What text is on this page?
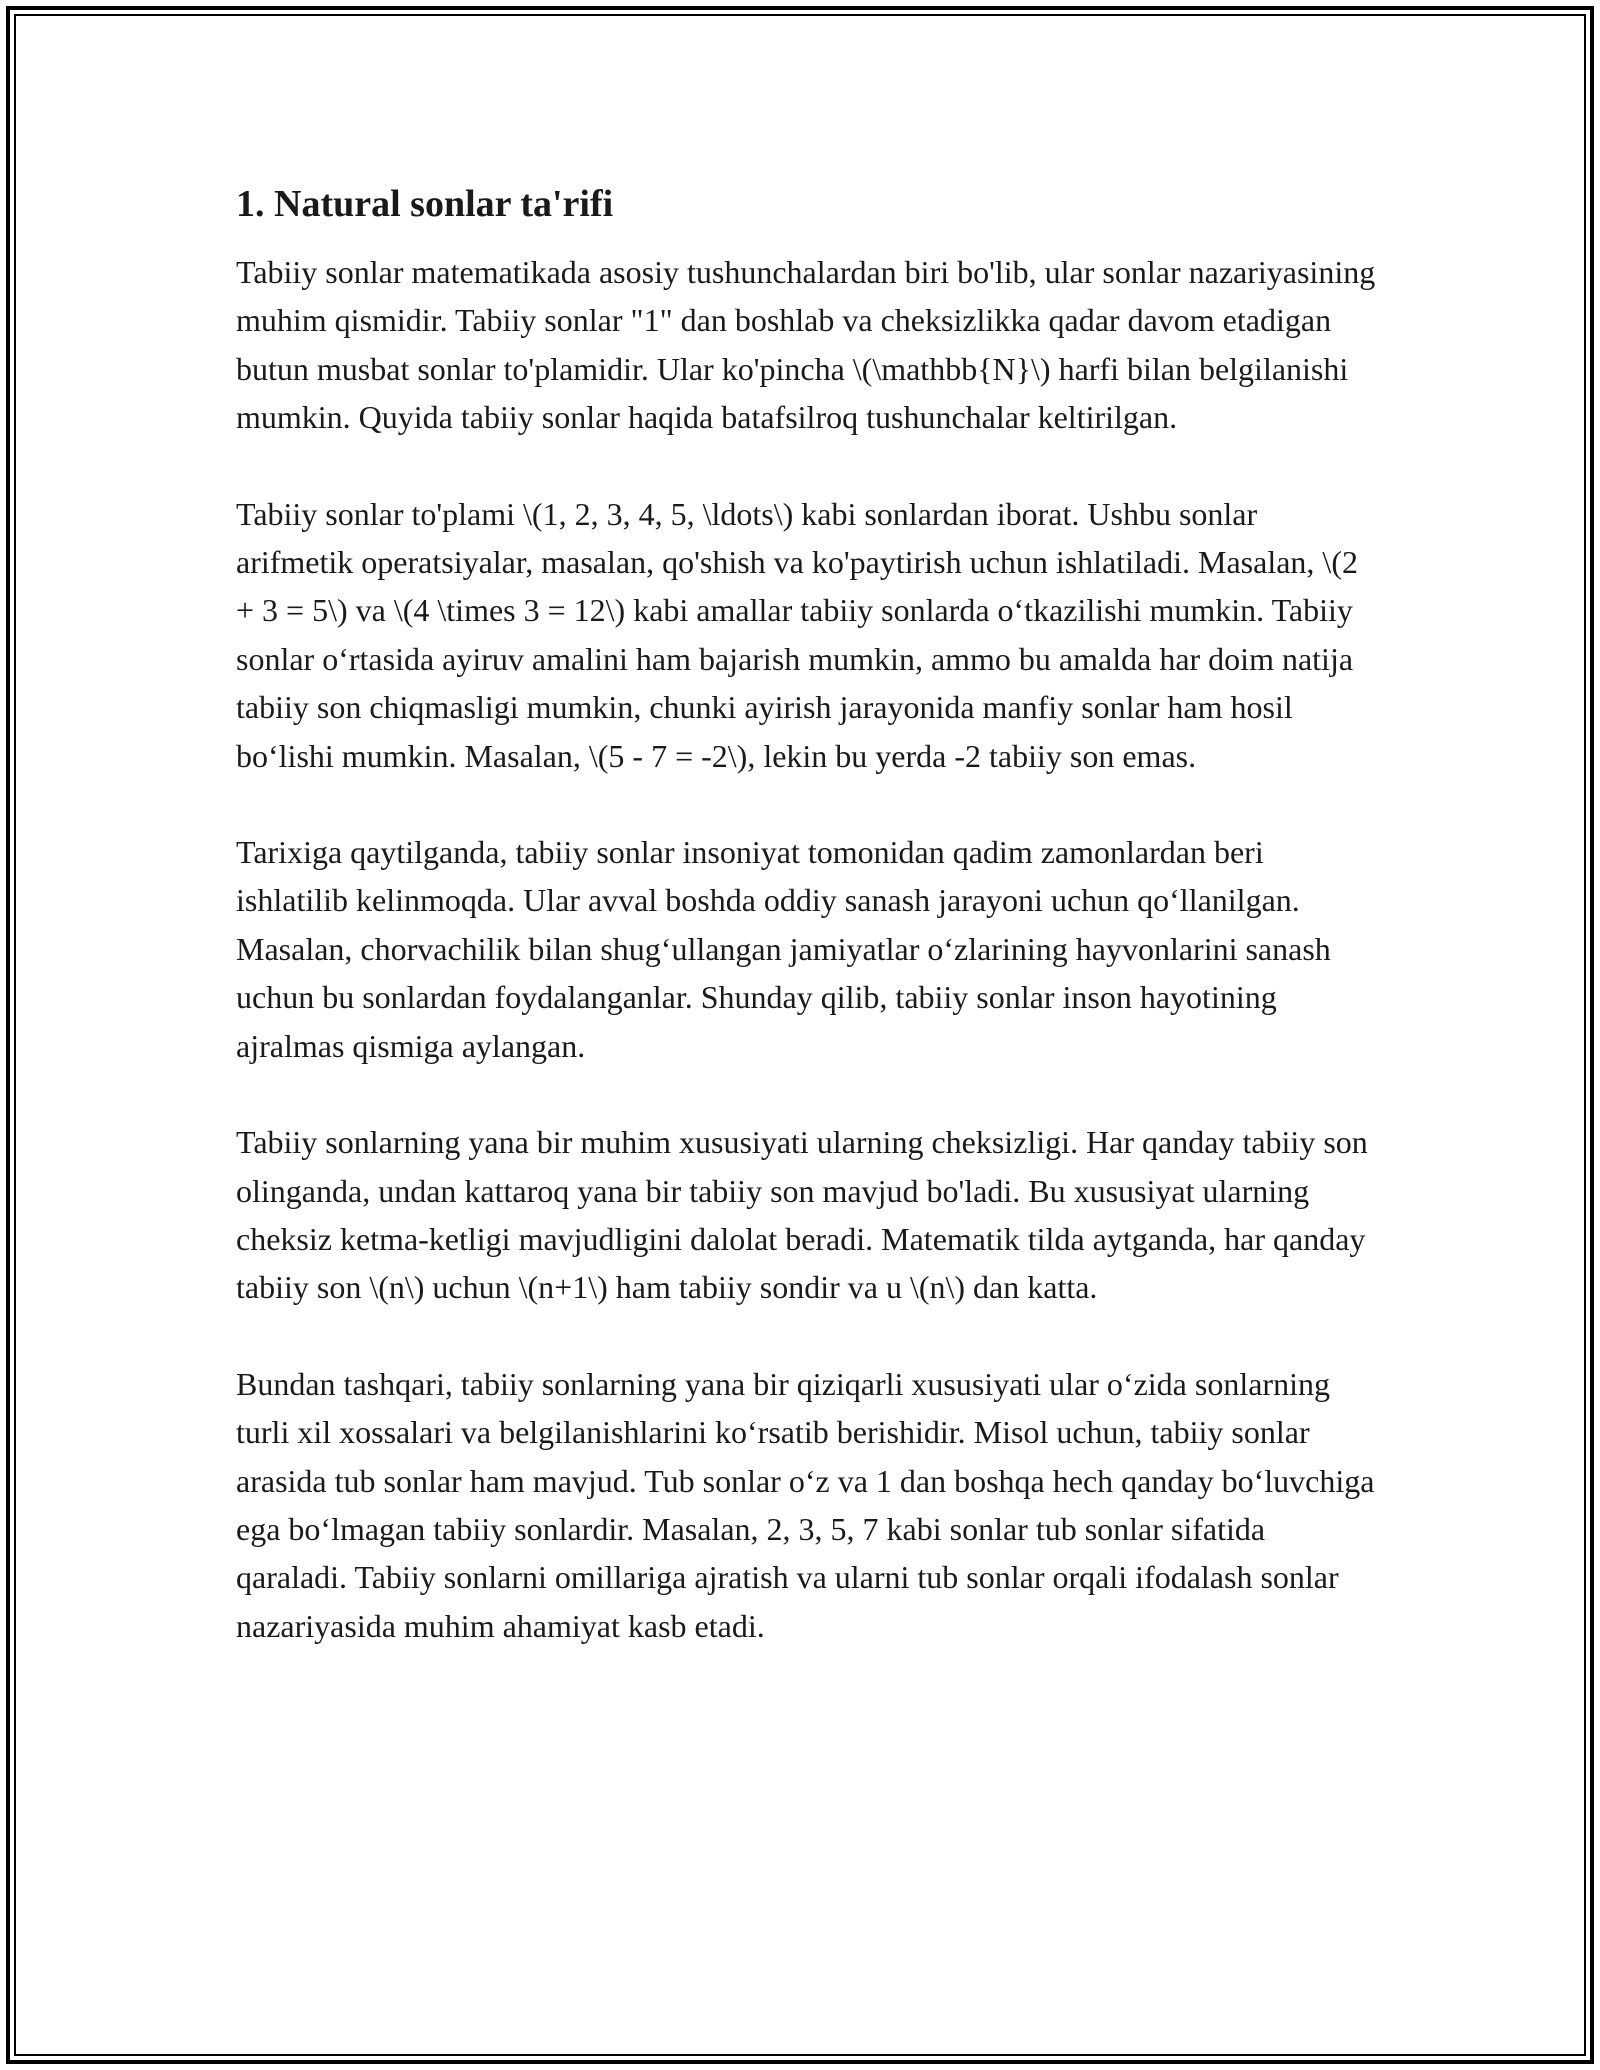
1. Natural sonlar ta'rifi

Tabiiy sonlar matematikada asosiy tushunchalardan biri bo'lib, ular sonlar nazariyasining muhim qismidir. Tabiiy sonlar "1" dan boshlab va cheksizlikka qadar davom etadigan butun musbat sonlar to'plamidir. Ular ko'pincha \(\mathbb{N}\) harfi bilan belgilanishi mumkin. Quyida tabiiy sonlar haqida batafsilroq tushunchalar keltirilgan.

Tabiiy sonlar to'plami \(1, 2, 3, 4, 5, \ldots\) kabi sonlardan iborat. Ushbu sonlar arifmetik operatsiyalar, masalan, qo'shish va ko'paytirish uchun ishlatiladi. Masalan, \(2 + 3 = 5\) va \(4 \times 3 = 12\) kabi amallar tabiiy sonlarda o‘tkazilishi mumkin. Tabiiy sonlar o‘rtasida ayiruv amalini ham bajarish mumkin, ammo bu amalda har doim natija tabiiy son chiqmasligi mumkin, chunki ayirish jarayonida manfiy sonlar ham hosil bo‘lishi mumkin. Masalan, \(5 - 7 = -2\), lekin bu yerda -2 tabiiy son emas.

Tarixiga qaytilganda, tabiiy sonlar insoniyat tomonidan qadim zamonlardan beri ishlatilib kelinmoqda. Ular avval boshda oddiy sanash jarayoni uchun qo‘llanilgan. Masalan, chorvachilik bilan shug‘ullangan jamiyatlar o‘zlarining hayvonlarini sanash uchun bu sonlardan foydalanganlar. Shunday qilib, tabiiy sonlar inson hayotining ajralmas qismiga aylangan.

Tabiiy sonlarning yana bir muhim xususiyati ularning cheksizligi. Har qanday tabiiy son olinganda, undan kattaroq yana bir tabiiy son mavjud bo'ladi. Bu xususiyat ularning cheksiz ketma-ketligi mavjudligini dalolat beradi. Matematik tilda aytganda, har qanday tabiiy son \(n\) uchun \(n+1\) ham tabiiy sondir va u \(n\) dan katta.

Bundan tashqari, tabiiy sonlarning yana bir qiziqarli xususiyati ular o‘zida sonlarning turli xil xossalari va belgilanishlarini ko‘rsatib berishidir. Misol uchun, tabiiy sonlar arasida tub sonlar ham mavjud. Tub sonlar o‘z va 1 dan boshqa hech qanday bo‘luvchiga ega bo‘lmagan tabiiy sonlardir. Masalan, 2, 3, 5, 7 kabi sonlar tub sonlar sifatida qaraladi. Tabiiy sonlarni omillariga ajratish va ularni tub sonlar orqali ifodalash sonlar nazariyasida muhim ahamiyat kasb etadi.
